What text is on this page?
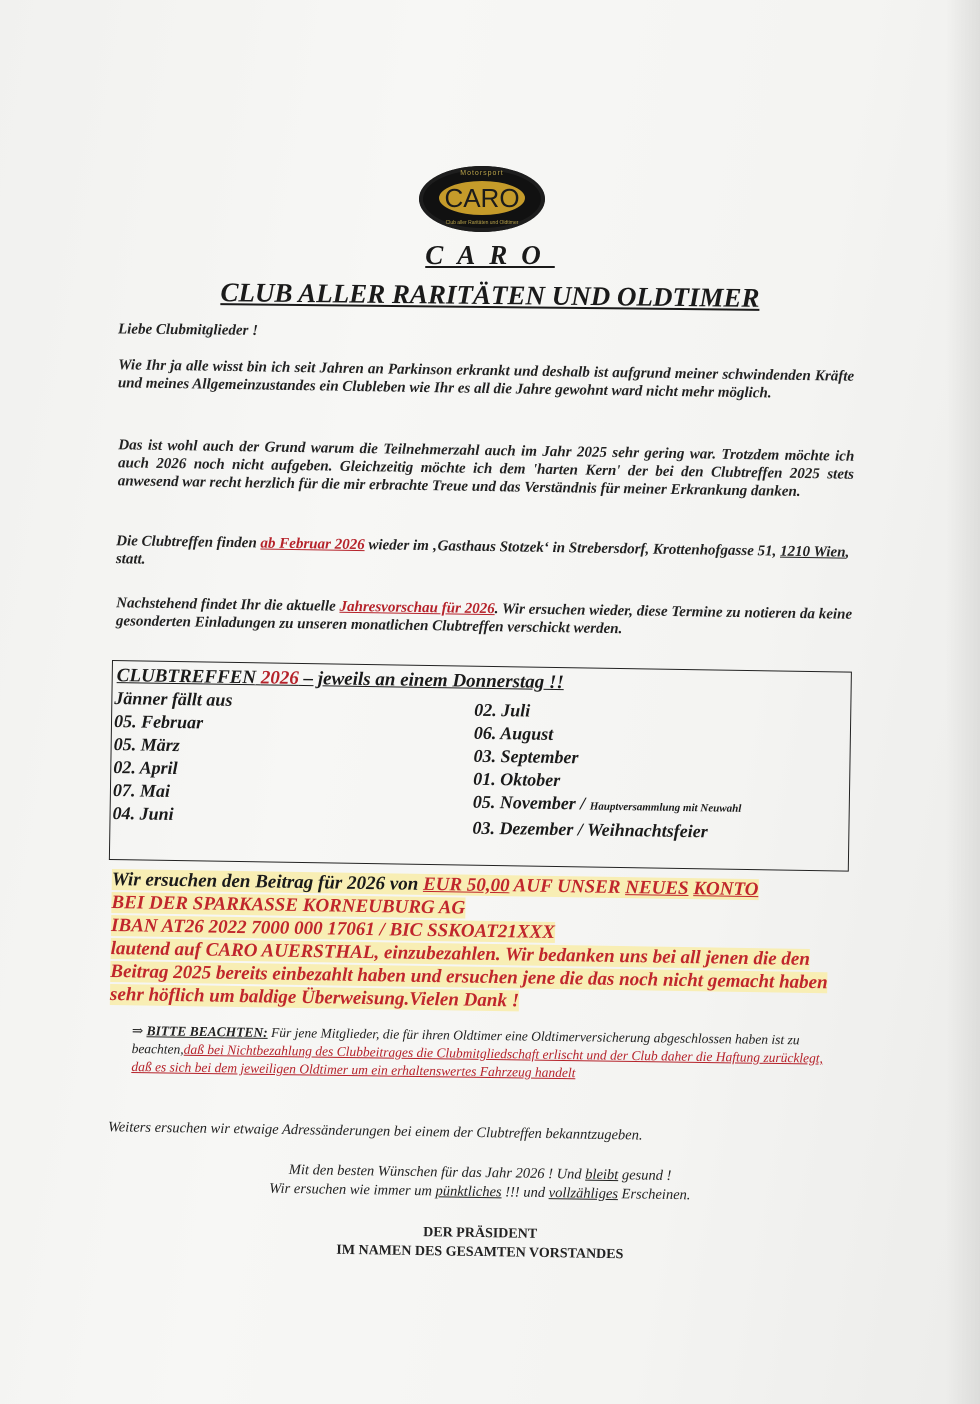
Motorsport
CARO
Club aller Raritäten und Oldtimer
CARO
CLUB ALLER RARITÄTEN UND OLDTIMER
Liebe Clubmitglieder !
Wie Ihr ja alle wisst bin ich seit Jahren an Parkinson erkrankt und deshalb ist aufgrund meiner schwindenden Kräfte und meines Allgemeinzustandes ein Clubleben wie Ihr es all die Jahre gewohnt ward nicht mehr möglich.
Das ist wohl auch der Grund warum die Teilnehmerzahl auch im Jahr 2025 sehr gering war. Trotzdem möchte ich auch 2026 noch nicht aufgeben. Gleichzeitig möchte ich dem 'harten Kern' der bei den Clubtreffen 2025 stets anwesend war recht herzlich für die mir erbrachte Treue und das Verständnis für meiner Erkrankung danken.
Die Clubtreffen finden ab Februar 2026 wieder im ‚Gasthaus Stotzek‘ in Strebersdorf, Krottenhofgasse 51, 1210 Wien, statt.
Nachstehend findet Ihr die aktuelle Jahresvorschau für 2026. Wir ersuchen wieder, diese Termine zu notieren da keine gesonderten Einladungen zu unseren monatlichen Clubtreffen verschickt werden.
CLUBTREFFEN 2026 – jeweils an einem Donnerstag !!
Jänner fällt aus
05. Februar
05. März
02. April
07. Mai
04. Juni
02. Juli
06. August
03. September
01. Oktober
05. November / Hauptversammlung mit Neuwahl
03. Dezember / Weihnachtsfeier
Wir ersuchen den Beitrag für 2026 von EUR 50,00 AUF UNSER NEUES KONTO
BEI DER SPARKASSE KORNEUBURG AG
IBAN AT26 2022 7000 000 17061 / BIC SSKOAT21XXX
lautend auf CARO AUERSTHAL, einzubezahlen. Wir bedanken uns bei all jenen die den Beitrag 2025 bereits einbezahlt haben und ersuchen jene die das noch nicht gemacht haben sehr höflich um baldige Überweisung.Vielen Dank !
⇒ BITTE BEACHTEN: Für jene Mitglieder, die für ihren Oldtimer eine Oldtimerversicherung abgeschlossen haben ist zu beachten,daß bei Nichtbezahlung des Clubbeitrages die Clubmitgliedschaft erlischt und der Club daher die Haftung zurücklegt, daß es sich bei dem jeweiligen Oldtimer um ein erhaltenswertes Fahrzeug handelt
Weiters ersuchen wir etwaige Adressänderungen bei einem der Clubtreffen bekanntzugeben.
Mit den besten Wünschen für das Jahr 2026 ! Und bleibt gesund !
Wir ersuchen wie immer um pünktliches !!! und vollzähliges Erscheinen.
DER PRÄSIDENT
IM NAMEN DES GESAMTEN VORSTANDES
